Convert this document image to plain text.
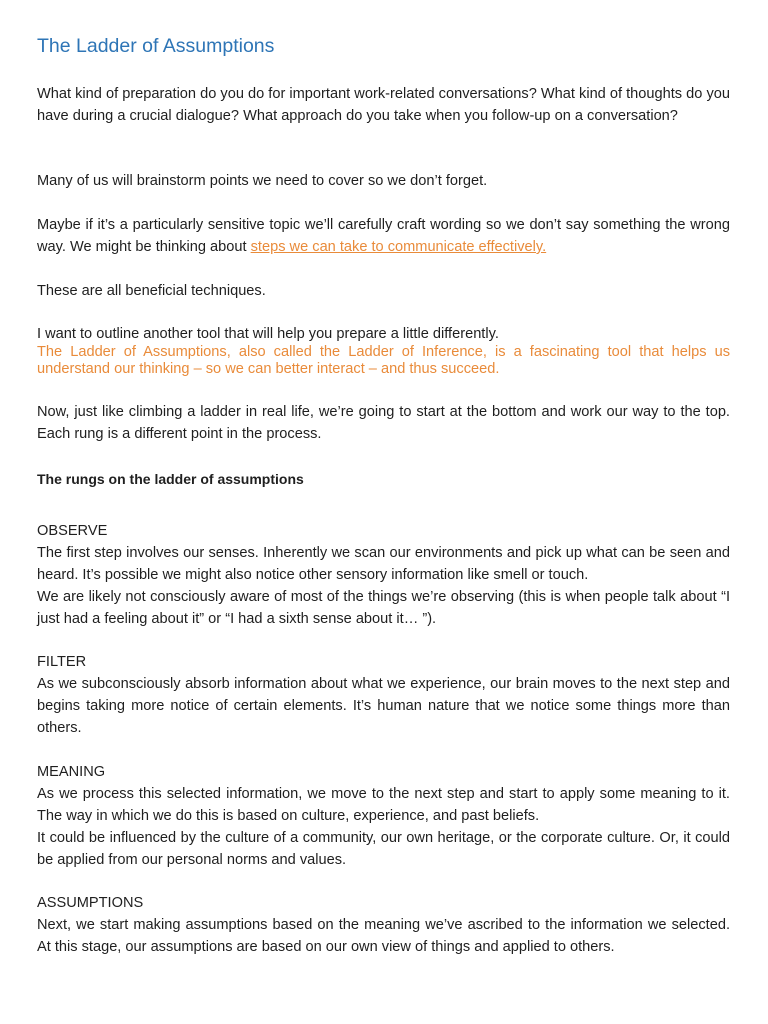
The Ladder of Assumptions

What kind of preparation do you do for important work-related conversations? What kind of thoughts do you have during a crucial dialogue? What approach do you take when you follow-up on a conversation?

Many of us will brainstorm points we need to cover so we don’t forget.

Maybe if it’s a particularly sensitive topic we’ll carefully craft wording so we don’t say something the wrong way. We might be thinking about steps we can take to communicate effectively.

These are all beneficial techniques.

I want to outline another tool that will help you prepare a little differently.

The Ladder of Assumptions, also called the Ladder of Inference, is a fascinating tool that helps us understand our thinking – so we can better interact – and thus succeed.

Now, just like climbing a ladder in real life, we’re going to start at the bottom and work our way to the top. Each rung is a different point in the process.

The rungs on the ladder of assumptions

OBSERVE

The first step involves our senses. Inherently we scan our environments and pick up what can be seen and heard. It’s possible we might also notice other sensory information like smell or touch.

We are likely not consciously aware of most of the things we’re observing (this is when people talk about “I just had a feeling about it” or “I had a sixth sense about it… ”).

FILTER

As we subconsciously absorb information about what we experience, our brain moves to the next step and begins taking more notice of certain elements. It’s human nature that we notice some things more than others.

MEANING

As we process this selected information, we move to the next step and start to apply some meaning to it. The way in which we do this is based on culture, experience, and past beliefs.

It could be influenced by the culture of a community, our own heritage, or the corporate culture. Or, it could be applied from our personal norms and values.

ASSUMPTIONS

Next, we start making assumptions based on the meaning we’ve ascribed to the information we selected. At this stage, our assumptions are based on our own view of things and applied to others.
